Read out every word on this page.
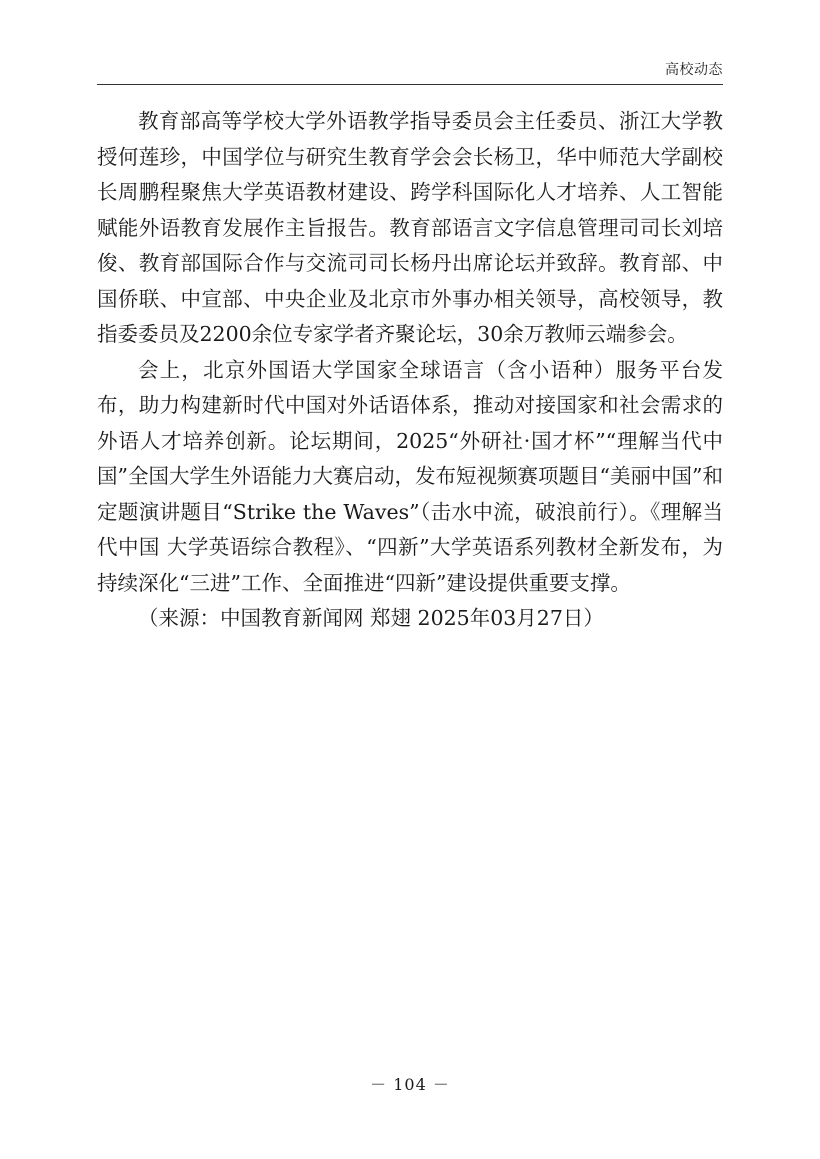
高校动态

教育部高等学校大学外语教学指导委员会主任委员、浙江大学教授何莲珍，中国学位与研究生教育学会会长杨卫，华中师范大学副校长周鹏程聚焦大学英语教材建设、跨学科国际化人才培养、人工智能赋能外语教育发展作主旨报告。教育部语言文字信息管理司司长刘培俊、教育部国际合作与交流司司长杨丹出席论坛并致辞。教育部、中国侨联、中宣部、中央企业及北京市外事办相关领导，高校领导，教指委委员及2200余位专家学者齐聚论坛，30余万教师云端参会。

会上，北京外国语大学国家全球语言（含小语种）服务平台发布，助力构建新时代中国对外话语体系，推动对接国家和社会需求的外语人才培养创新。论坛期间，2025“外研社·国才杯”“理解当代中国”全国大学生外语能力大赛启动，发布短视频赛项题目“美丽中国”和定题演讲题目“Strike the Waves”（击水中流，破浪前行）。《理解当代中国 大学英语综合教程》、“四新”大学英语系列教材全新发布，为持续深化“三进”工作、全面推进“四新”建设提供重要支撑。

（来源：中国教育新闻网 郑翅 2025年03月27日）

－ 104 －
